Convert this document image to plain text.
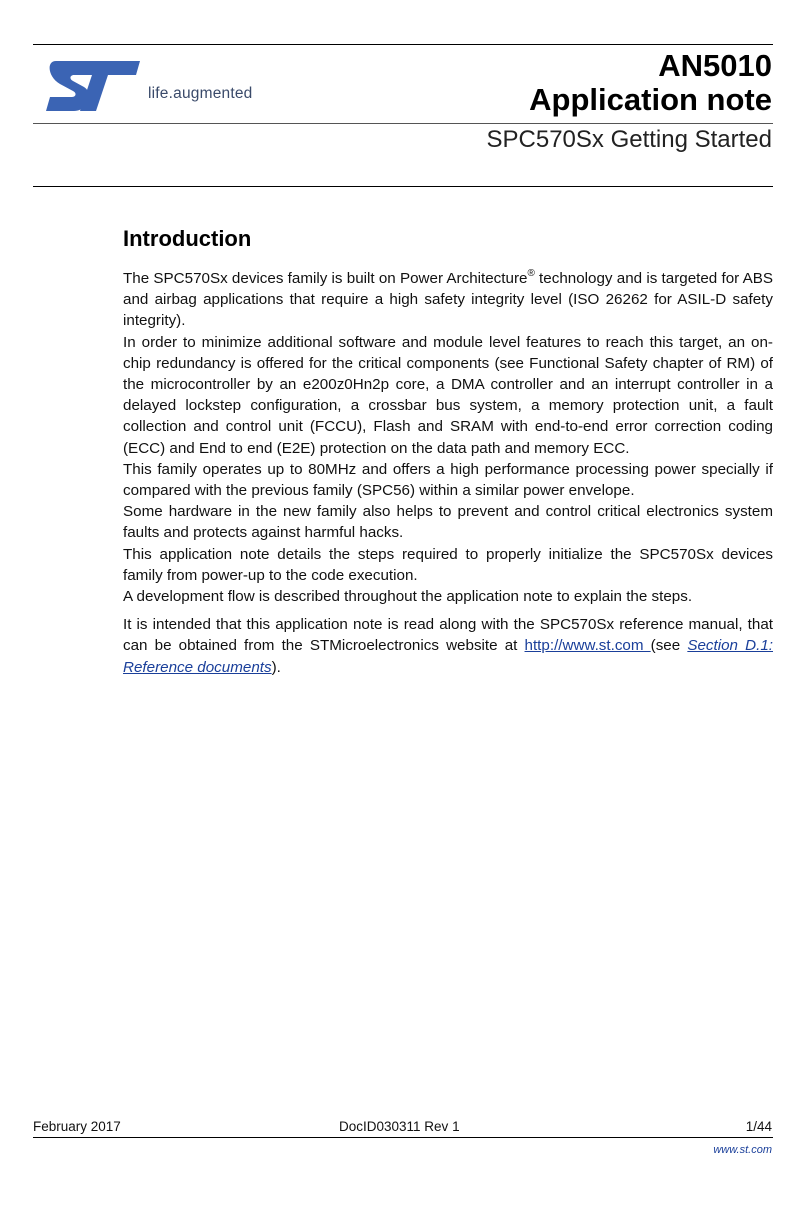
life.augmented
AN5010
Application note
SPC570Sx Getting Started
Introduction

The SPC570Sx devices family is built on Power Architecture® technology and is targeted for ABS and airbag applications that require a high safety integrity level (ISO 26262 for ASIL-D safety integrity).

In order to minimize additional software and module level features to reach this target, an on-chip redundancy is offered for the critical components (see Functional Safety chapter of RM) of the microcontroller by an e200z0Hn2p core, a DMA controller and an interrupt controller in a delayed lockstep configuration, a crossbar bus system, a memory protection unit, a fault collection and control unit (FCCU), Flash and SRAM with end-to-end error correction coding (ECC) and End to end (E2E) protection on the data path and memory ECC.

This family operates up to 80MHz and offers a high performance processing power specially if compared with the previous family (SPC56) within a similar power envelope.

Some hardware in the new family also helps to prevent and control critical electronics system faults and protects against harmful hacks.

This application note details the steps required to properly initialize the SPC570Sx devices family from power-up to the code execution.

A development flow is described throughout the application note to explain the steps.

It is intended that this application note is read along with the SPC570Sx reference manual, that can be obtained from the STMicroelectronics website at http://www.st.com (see Section D.1: Reference documents).

February 2017	DocID030311 Rev 1	1/44
www.st.com
